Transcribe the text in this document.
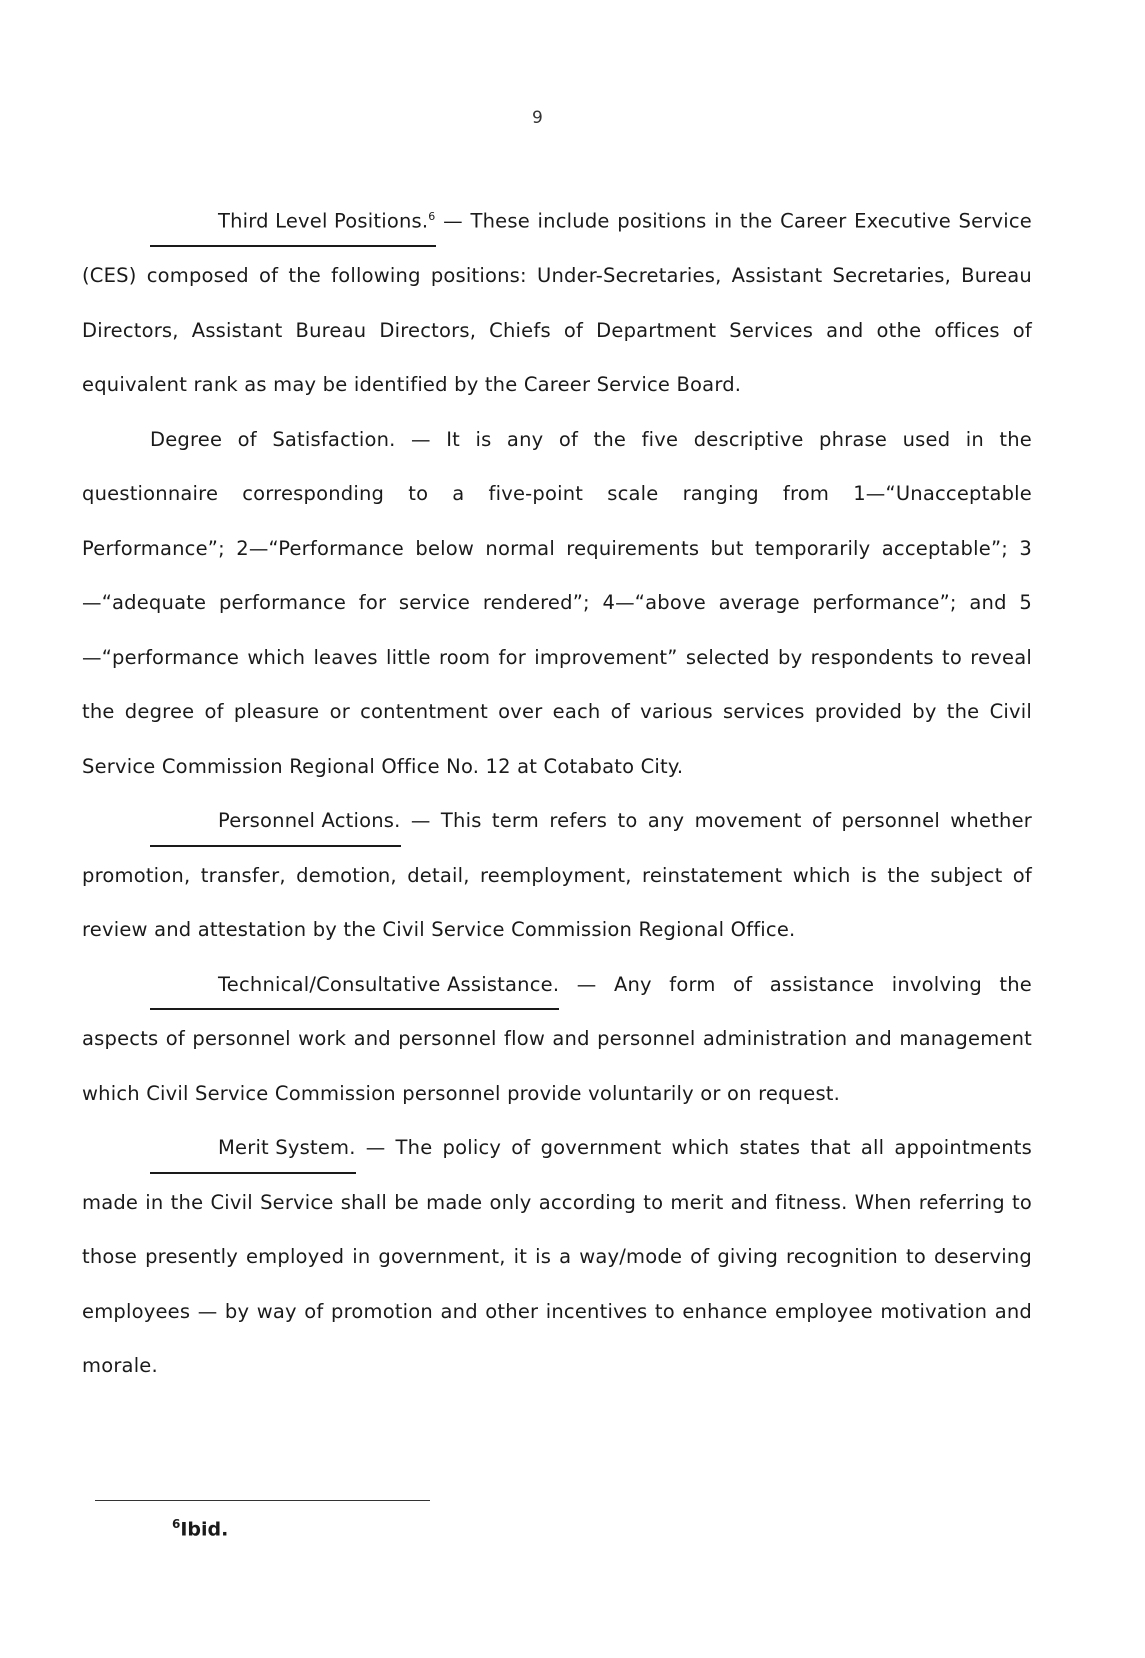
9

Third Level Positions.$^6$ — These include positions in the Career Executive Service (CES) composed of the following positions: Under-Secretaries, Assistant Secretaries, Bureau Directors, Assistant Bureau Directors, Chiefs of Department Services and othe offices of equivalent rank as may be identified by the Career Service Board.

Degree of Satisfaction. — It is any of the five descriptive phrase used in the questionnaire corresponding to a five-point scale ranging from 1—“Unacceptable Performance”; 2—“Performance below normal requirements but temporarily acceptable”; 3—“adequate performance for service rendered”; 4—“above average performance”; and 5—“performance which leaves little room for improvement” selected by respondents to reveal the degree of pleasure or contentment over each of various services provided by the Civil Service Commission Regional Office No. 12 at Cotabato City.

Personnel Actions. — This term refers to any movement of personnel whether promotion, transfer, demotion, detail, reemployment, reinstatement which is the subject of review and attestation by the Civil Service Commission Regional Office.

Technical/Consultative Assistance. — Any form of assistance involving the aspects of personnel work and personnel flow and personnel administration and management which Civil Service Commission personnel provide voluntarily or on request.

Merit System. — The policy of government which states that all appointments made in the Civil Service shall be made only according to merit and fitness. When referring to those presently employed in government, it is a way/mode of giving recognition to deserving employees — by way of promotion and other incentives to enhance employee motivation and morale.

$^6$Ibid.
